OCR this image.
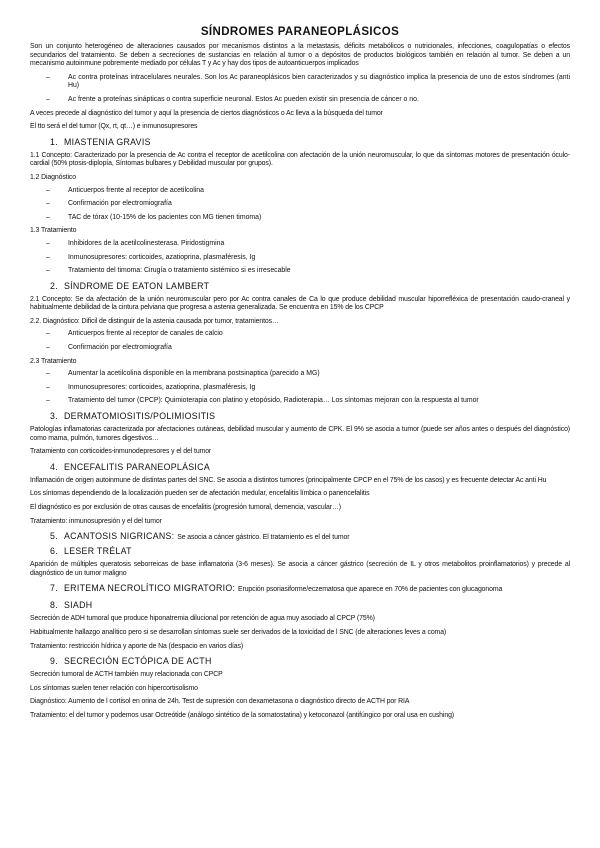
SÍNDROMES PARANEOPLÁSICOS

Son un conjunto heterogéneo de alteraciones causados por mecanismos distintos a la metastasis, déficits metabólicos o nutricionales, infecciones, coagulopatías o efectos secundarios del tratamiento. Se deben a secreciones de sustancias en relación al tumor o a depósitos de productos biológicos también en relación al tumor. Se deben a un mecanismo autoinmune pobremente mediado por células T y Ac y hay dos tipos de autoanticuerpos implicados

– Ac contra proteínas intracelulares neurales. Son los Ac paraneoplásicos bien caracterizados y su diagnóstico implica la presencia de uno de estos síndromes (anti Hu)
– Ac frente a proteínas sinápticas o contra superficie neuronal. Estos Ac pueden existir sin presencia de cáncer o no.

A veces precede al diagnóstico del tumor y aquí la presencia de ciertos diagnósticos o Ac lleva a la búsqueda del tumor

El tto será el del tumor (Qx, rt, qt…) e inmunosupresores

1. MIASTENIA GRAVIS

1.1 Concepto: Caracterizado por la presencia de Ac contra el receptor de acetilcolina con afectación de la unión neuromuscular, lo que da síntomas motores de presentación óculo-cardial (50% ptosis-diplopía, Síntomas bulbares y Debilidad muscular por grupos).

1.2 Diagnóstico

– Anticuerpos frente al receptor de acetilcolina
– Confirmación por electromiografía
– TAC de tórax (10-15% de los pacientes con MG tienen timoma)

1.3 Tratamiento

– Inhibidores de la acetilcolinesterasa. Piridostigmina
– Inmunosupresores: corticoides, azatioprina, plasmaféresis, Ig
– Tratamiento del timoma: Cirugía o tratamiento sistémico si es irresecable
2. SÍNDROME DE EATON LAMBERT

2.1 Concepto: Se da afectación de la unión neuromuscular pero por Ac contra canales de Ca lo que produce debilidad muscular hiporrefléxica de presentación caudo-craneal y habitualmente debilidad de la cintura pelviana que progresa a astenia generalizada. Se encuentra en 15% de los CPCP

2.2. Diagnóstico: Dificil de distinguir de la astenia causada por tumor, tratamientos…

– Anticuerpos frente al receptor de canales de calcio
– Confirmación por electromiografía

2.3 Tratamiento

– Aumentar la acetilcolina disponible en la membrana postsinaptica (parecido a MG)
– Inmunosupresores: corticoides, azatioprina, plasmaféresis, Ig
– Tratamiento del tumor (CPCP): Quimioterapia con platino y etopósido, Radioterapia… Los síntomas mejoran con la respuesta al tumor
3. DERMATOMIOSITIS/POLIMIOSITIS

Patologías inflamatorias caracterizada por afectaciones cutáneas, debilidad muscular y aumento de CPK. El 9% se asocia a tumor (puede ser años antes o después del diagnóstico) como mama, pulmón, tumores digestivos…

Tratamiento con corticoides-inmunodepresores y el del tumor

4. ENCEFALITIS PARANEOPLÁSICA

Inflamación de origen autoinmune de distintas partes del SNC. Se asocia a distintos tumores (principalmente CPCP en el 75% de los casos) y es frecuente detectar Ac anti Hu

Los síntomas dependiendo de la localización pueden ser de afectación medular, encefalitis límbica o panencefalitis

El diagnóstico es por exclusión de otras causas de encefalitis (progresión tumoral, demencia, vascular…)

Tratamiento: inmunosupresión y el del tumor

5. ACANTOSIS NIGRICANS: Se asocia a cáncer gástrico. El tratamiento es el del tumor
6. LESER TRÉLAT

Aparición de múltiples queratosis seborreicas de base inflamatoria (3-6 meses). Se asocia a cáncer gástrico (secreción de IL y otros metabolitos proinflamatorios) y precede al diagnóstico de un tumor maligno

7. ERITEMA NECROLÍTICO MIGRATORIO: Erupción psoriasiforme/eczematosa que aparece en 70% de pacientes con glucagonoma
8. SIADH

Secreción de ADH tumoral que produce hiponatremia dilucional por retención de agua muy asociado al CPCP (75%)

Habitualmente hallazgo analítico pero si se desarrollan síntomas suele ser derivados de la toxicidad de l SNC (de alteraciones leves a coma)

Tratamiento: restricción hídrica y aporte de Na (despacio en varios días)

9. SECRECIÓN ECTÓPICA DE ACTH

Secreción tumoral de ACTH también muy relacionada con CPCP

Los síntomas suelen tener relación con hipercortisolismo

Diagnóstico: Aumento de l cortisol en orina de 24h. Test de supresión con dexametasona o diagnóstico directo de ACTH por RIA

Tratamiento: el del tumor y podemos usar Octreótide (análogo sintético de la somatostatina) y ketoconazol (antifúngico por oral usa en cushing)
